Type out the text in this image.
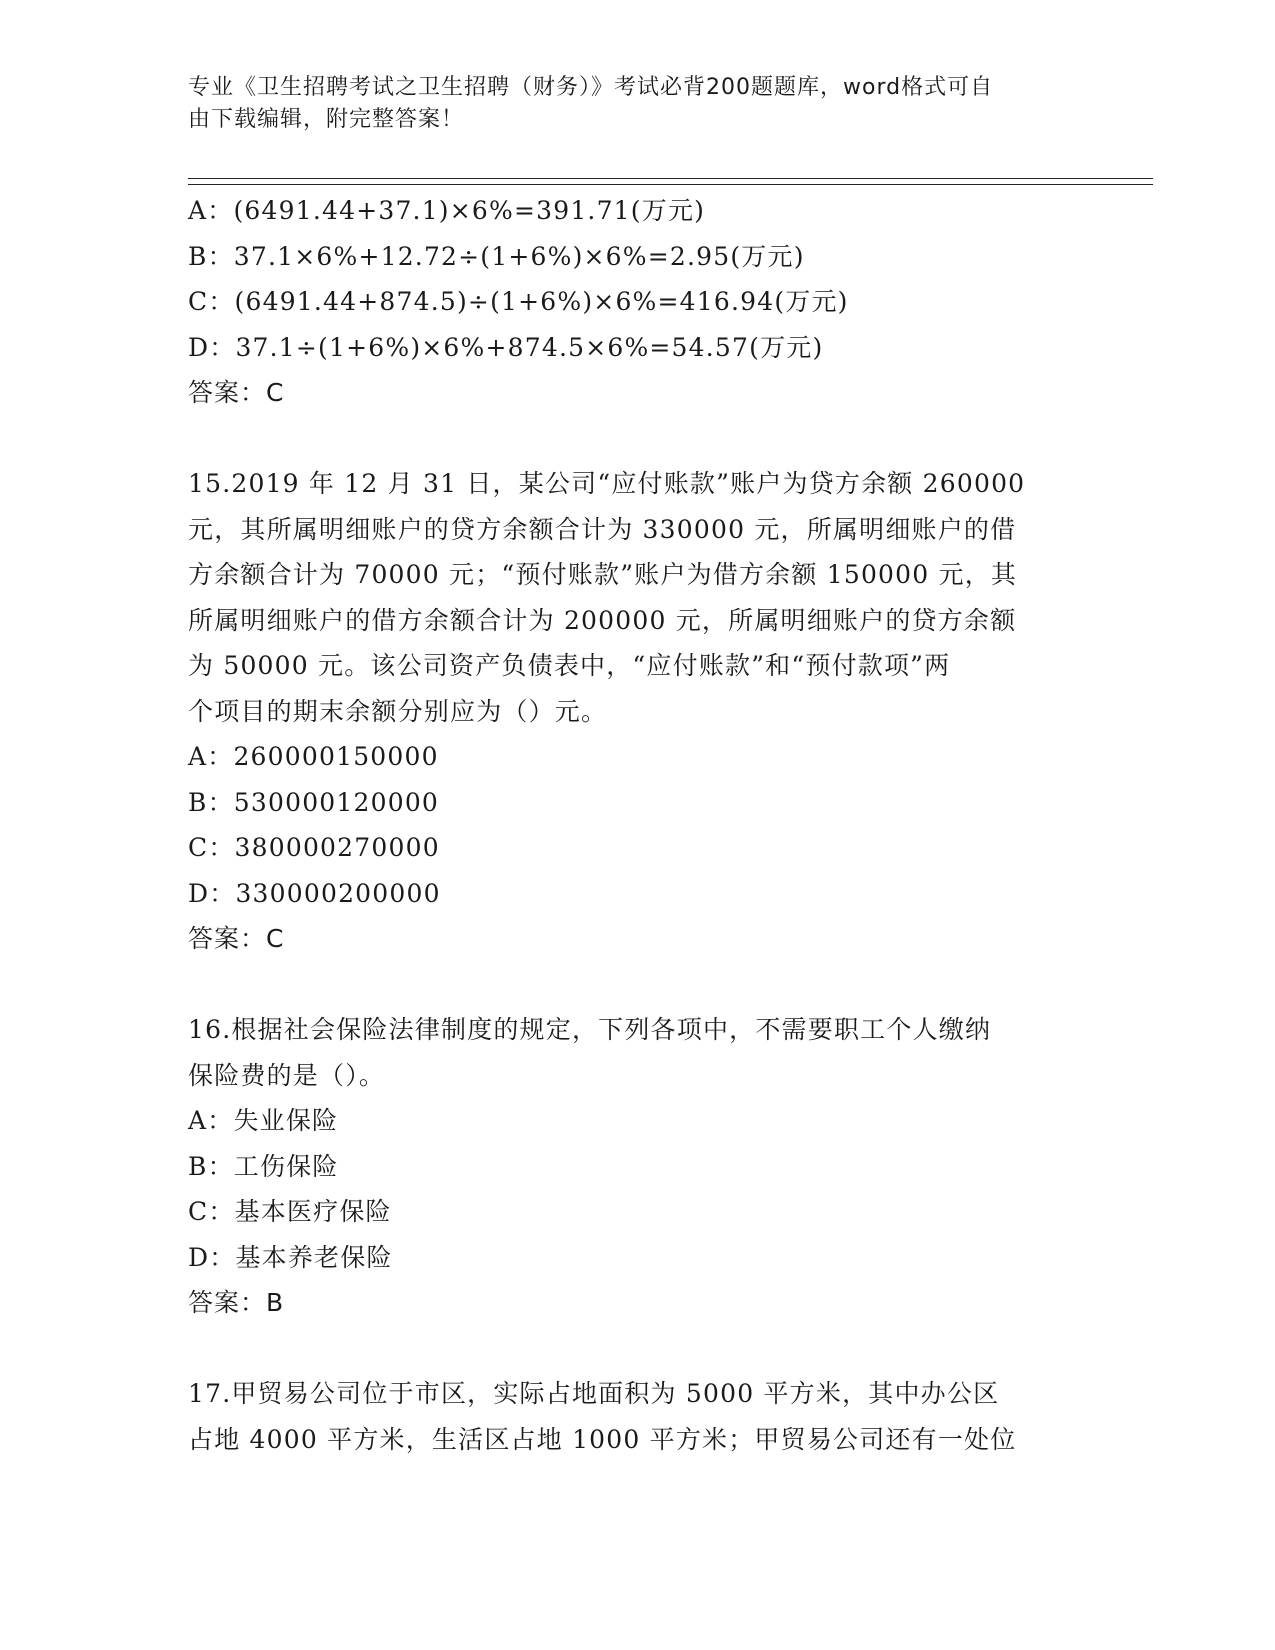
专业《卫生招聘考试之卫生招聘（财务）》考试必背200题题库，word格式可自
由下载编辑，附完整答案！
A：(6491.44+37.1)×6%=391.71(万元)
B：37.1×6%+12.72÷(1+6%)×6%=2.95(万元)
C：(6491.44+874.5)÷(1+6%)×6%=416.94(万元)
D：37.1÷(1+6%)×6%+874.5×6%=54.57(万元)
答案：C
15.2019 年 12 月 31 日，某公司“应付账款”账户为贷方余额 260000
元，其所属明细账户的贷方余额合计为 330000 元，所属明细账户的借
方余额合计为 70000 元；“预付账款”账户为借方余额 150000 元，其
所属明细账户的借方余额合计为 200000 元，所属明细账户的贷方余额
为 50000 元。该公司资产负债表中，“应付账款”和“预付款项”两
个项目的期末余额分别应为（）元。
A：260000150000
B：530000120000
C：380000270000
D：330000200000
答案：C
16.根据社会保险法律制度的规定，下列各项中，不需要职工个人缴纳
保险费的是（）。
A：失业保险
B：工伤保险
C：基本医疗保险
D：基本养老保险
答案：B
17.甲贸易公司位于市区，实际占地面积为 5000 平方米，其中办公区
占地 4000 平方米，生活区占地 1000 平方米；甲贸易公司还有一处位
